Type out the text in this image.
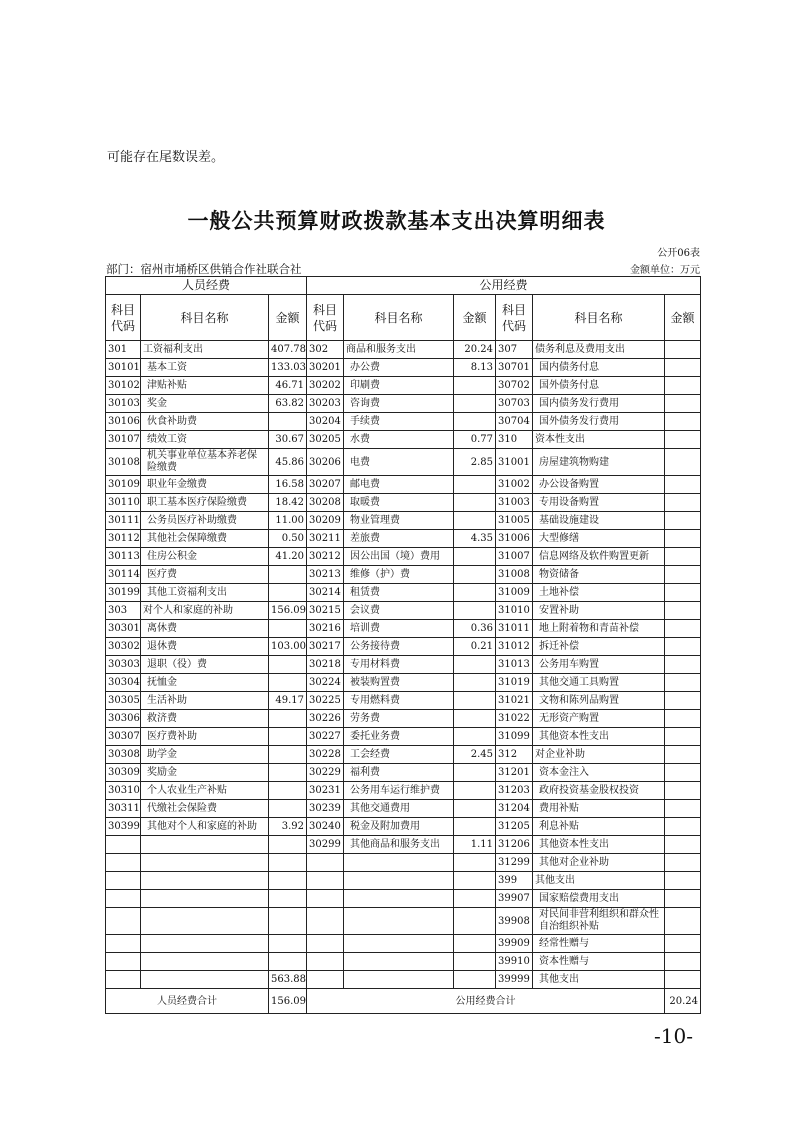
可能存在尾数误差。
一般公共预算财政拨款基本支出决算明细表
公开06表
部门：宿州市埇桥区供销合作社联合社	金额单位：万元
人员经费			公用经费					
科目代码	科目名称	金额	科目代码	科目名称	金额	科目代码	科目名称	金额
301	工资福利支出	407.78	302	商品和服务支出	20.24	307	债务利息及费用支出	
30101	基本工资	133.03	30201	办公费	8.13	30701	国内债务付息	
30102	津贴补贴	46.71	30202	印刷费		30702	国外债务付息	
30103	奖金	63.82	30203	咨询费		30703	国内债务发行费用	
30106	伙食补助费		30204	手续费		30704	国外债务发行费用	
30107	绩效工资	30.67	30205	水费	0.77	310	资本性支出	
30108	机关事业单位基本养老保险缴费	45.86	30206	电费	2.85	31001	房屋建筑物购建	
30109	职业年金缴费	16.58	30207	邮电费		31002	办公设备购置	
30110	职工基本医疗保险缴费	18.42	30208	取暖费		31003	专用设备购置	
30111	公务员医疗补助缴费	11.00	30209	物业管理费		31005	基础设施建设	
30112	其他社会保障缴费	0.50	30211	差旅费	4.35	31006	大型修缮	
30113	住房公积金	41.20	30212	因公出国（境）费用		31007	信息网络及软件购置更新	
30114	医疗费		30213	维修（护）费		31008	物资储备	
30199	其他工资福利支出		30214	租赁费		31009	土地补偿	
303	对个人和家庭的补助	156.09	30215	会议费		31010	安置补助	
30301	离休费		30216	培训费	0.36	31011	地上附着物和青苗补偿	
30302	退休费	103.00	30217	公务接待费	0.21	31012	拆迁补偿	
30303	退职（役）费		30218	专用材料费		31013	公务用车购置	
30304	抚恤金		30224	被装购置费		31019	其他交通工具购置	
30305	生活补助	49.17	30225	专用燃料费		31021	文物和陈列品购置	
30306	救济费		30226	劳务费		31022	无形资产购置	
30307	医疗费补助		30227	委托业务费		31099	其他资本性支出	
30308	助学金		30228	工会经费	2.45	312	对企业补助	
30309	奖励金		30229	福利费		31201	资本金注入	
30310	个人农业生产补贴		30231	公务用车运行维护费		31203	政府投资基金股权投资	
30311	代缴社会保险费		30239	其他交通费用		31204	费用补贴	
30399	其他对个人和家庭的补助	3.92	30240	税金及附加费用		31205	利息补贴	
			30299	其他商品和服务支出	1.11	31206	其他资本性支出	
						31299	其他对企业补助	
						399	其他支出	
						39907	国家赔偿费用支出	
						39908	对民间非营利组织和群众性自治组织补贴	
						39909	经常性赠与	
						39910	资本性赠与	
		563.88				39999	其他支出	
人员经费合计		156.09	公用经费合计					20.24
-10-
